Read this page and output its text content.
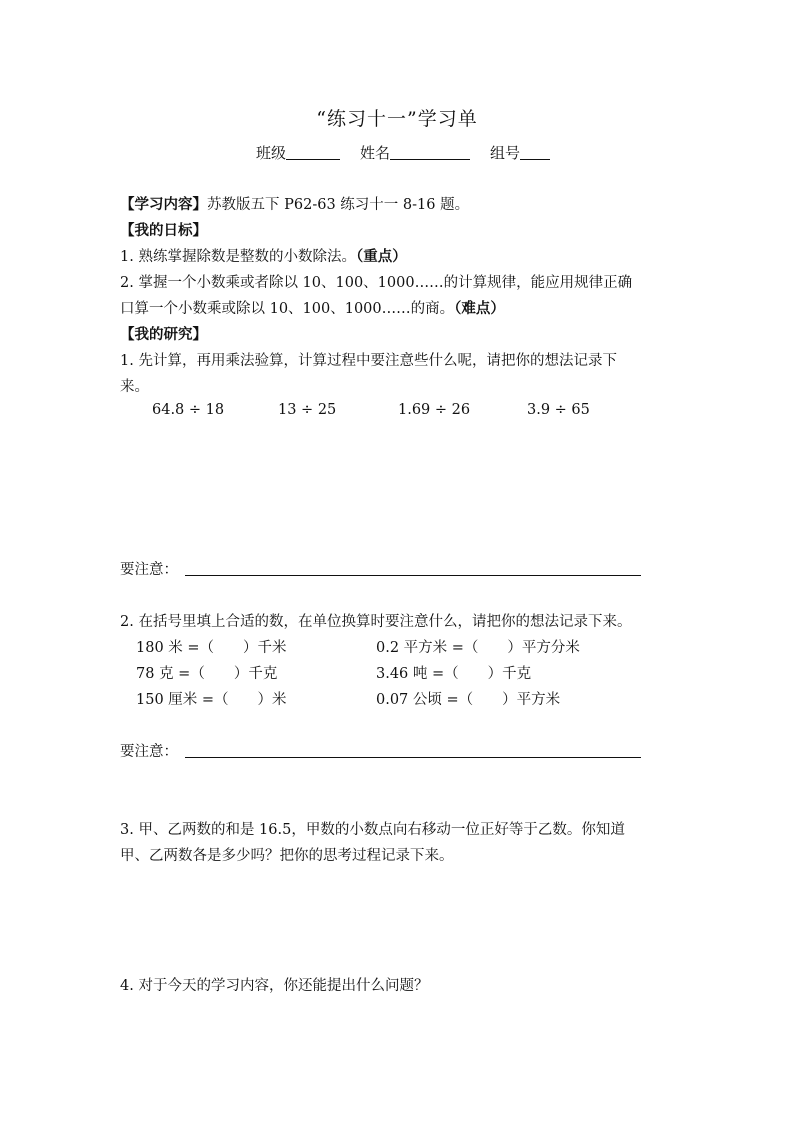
“练习十一”学习单
班级	姓名	组号
【学习内容】苏教版五下 P62-63 练习十一 8-16 题。
【我的日标】
1. 熟练掌握除数是整数的小数除法。（重点）
2. 掌握一个小数乘或者除以 10、100、1000……的计算规律，能应用规律正确
口算一个小数乘或除以 10、100、1000……的商。（难点）
【我的研究】
1. 先计算，再用乘法验算，计算过程中要注意些什么呢，请把你的想法记录下
来。
64.8 ÷ 18	13 ÷ 25	1.69 ÷ 26	3.9 ÷ 65
要注意：
2. 在括号里填上合适的数，在单位换算时要注意什么，请把你的想法记录下来。
180 米 =（　　）千米	0.2 平方米 =（　　）平方分米
78 克 =（　　）千克	3.46 吨 =（　　）千克
150 厘米 =（　　）米	0.07 公顷 =（　　）平方米
要注意：
3. 甲、乙两数的和是 16.5，甲数的小数点向右移动一位正好等于乙数。你知道
甲、乙两数各是多少吗？把你的思考过程记录下来。
4. 对于今天的学习内容，你还能提出什么问题？
